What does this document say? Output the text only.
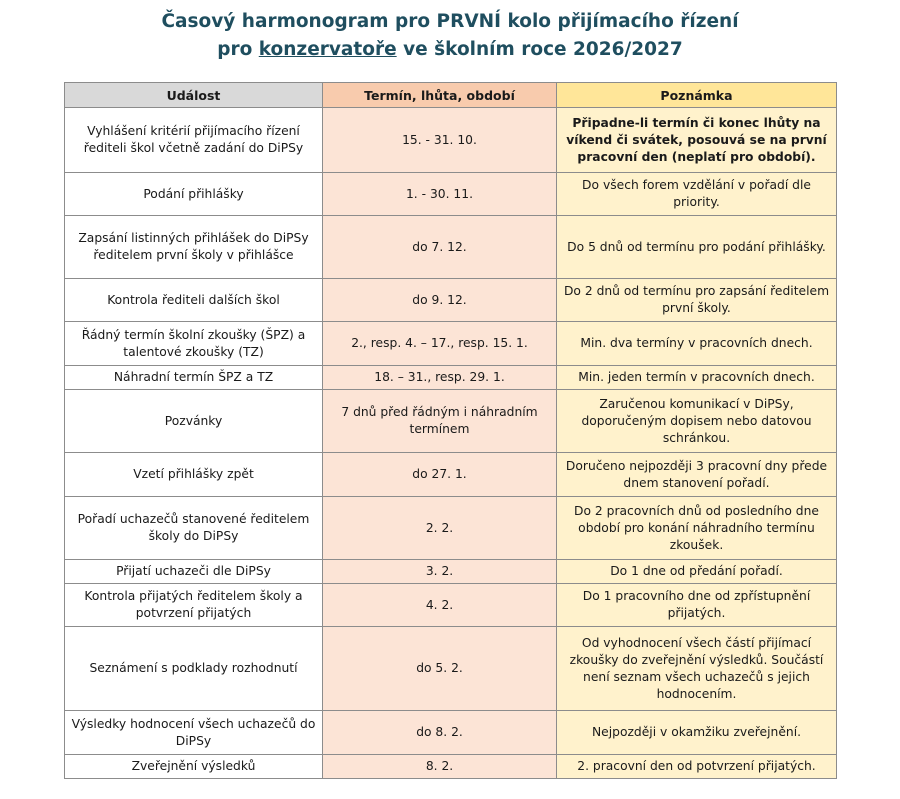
Časový harmonogram pro PRVNÍ kolo přijímacího řízení
pro konzervatoře ve školním roce 2026/2027
Událost	Termín, lhůta, období	Poznámka
Vyhlášení kritérií přijímacího řízení řediteli škol včetně zadání do DiPSy	15. - 31. 10.	Připadne-li termín či konec lhůty na víkend či svátek, posouvá se na první pracovní den (neplatí pro období).
Podání přihlášky	1. - 30. 11.	Do všech forem vzdělání v pořadí dle priority.
Zapsání listinných přihlášek do DiPSy ředitelem první školy v přihlášce	do 7. 12.	Do 5 dnů od termínu pro podání přihlášky.
Kontrola řediteli dalších škol	do 9. 12.	Do 2 dnů od termínu pro zapsání ředitelem první školy.
Řádný termín školní zkoušky (ŠPZ) a talentové zkoušky (TZ)	2., resp. 4. – 17., resp. 15. 1.	Min. dva termíny v pracovních dnech.
Náhradní termín ŠPZ a TZ	18. – 31., resp. 29. 1.	Min. jeden termín v pracovních dnech.
Pozvánky	7 dnů před řádným i náhradním termínem	Zaručenou komunikací v DiPSy, doporučeným dopisem nebo datovou schránkou.
Vzetí přihlášky zpět	do 27. 1.	Doručeno nejpozději 3 pracovní dny přede dnem stanovení pořadí.
Pořadí uchazečů stanovené ředitelem školy do DiPSy	2. 2.	Do 2 pracovních dnů od posledního dne období pro konání náhradního termínu zkoušek.
Přijatí uchazeči dle DiPSy	3. 2.	Do 1 dne od předání pořadí.
Kontrola přijatých ředitelem školy a potvrzení přijatých	4. 2.	Do 1 pracovního dne od zpřístupnění přijatých.
Seznámení s podklady rozhodnutí	do 5. 2.	Od vyhodnocení všech částí přijímací zkoušky do zveřejnění výsledků. Součástí není seznam všech uchazečů s jejich hodnocením.
Výsledky hodnocení všech uchazečů do DiPSy	do 8. 2.	Nejpozději v okamžiku zveřejnění.
Zveřejnění výsledků	8. 2.	2. pracovní den od potvrzení přijatých.
